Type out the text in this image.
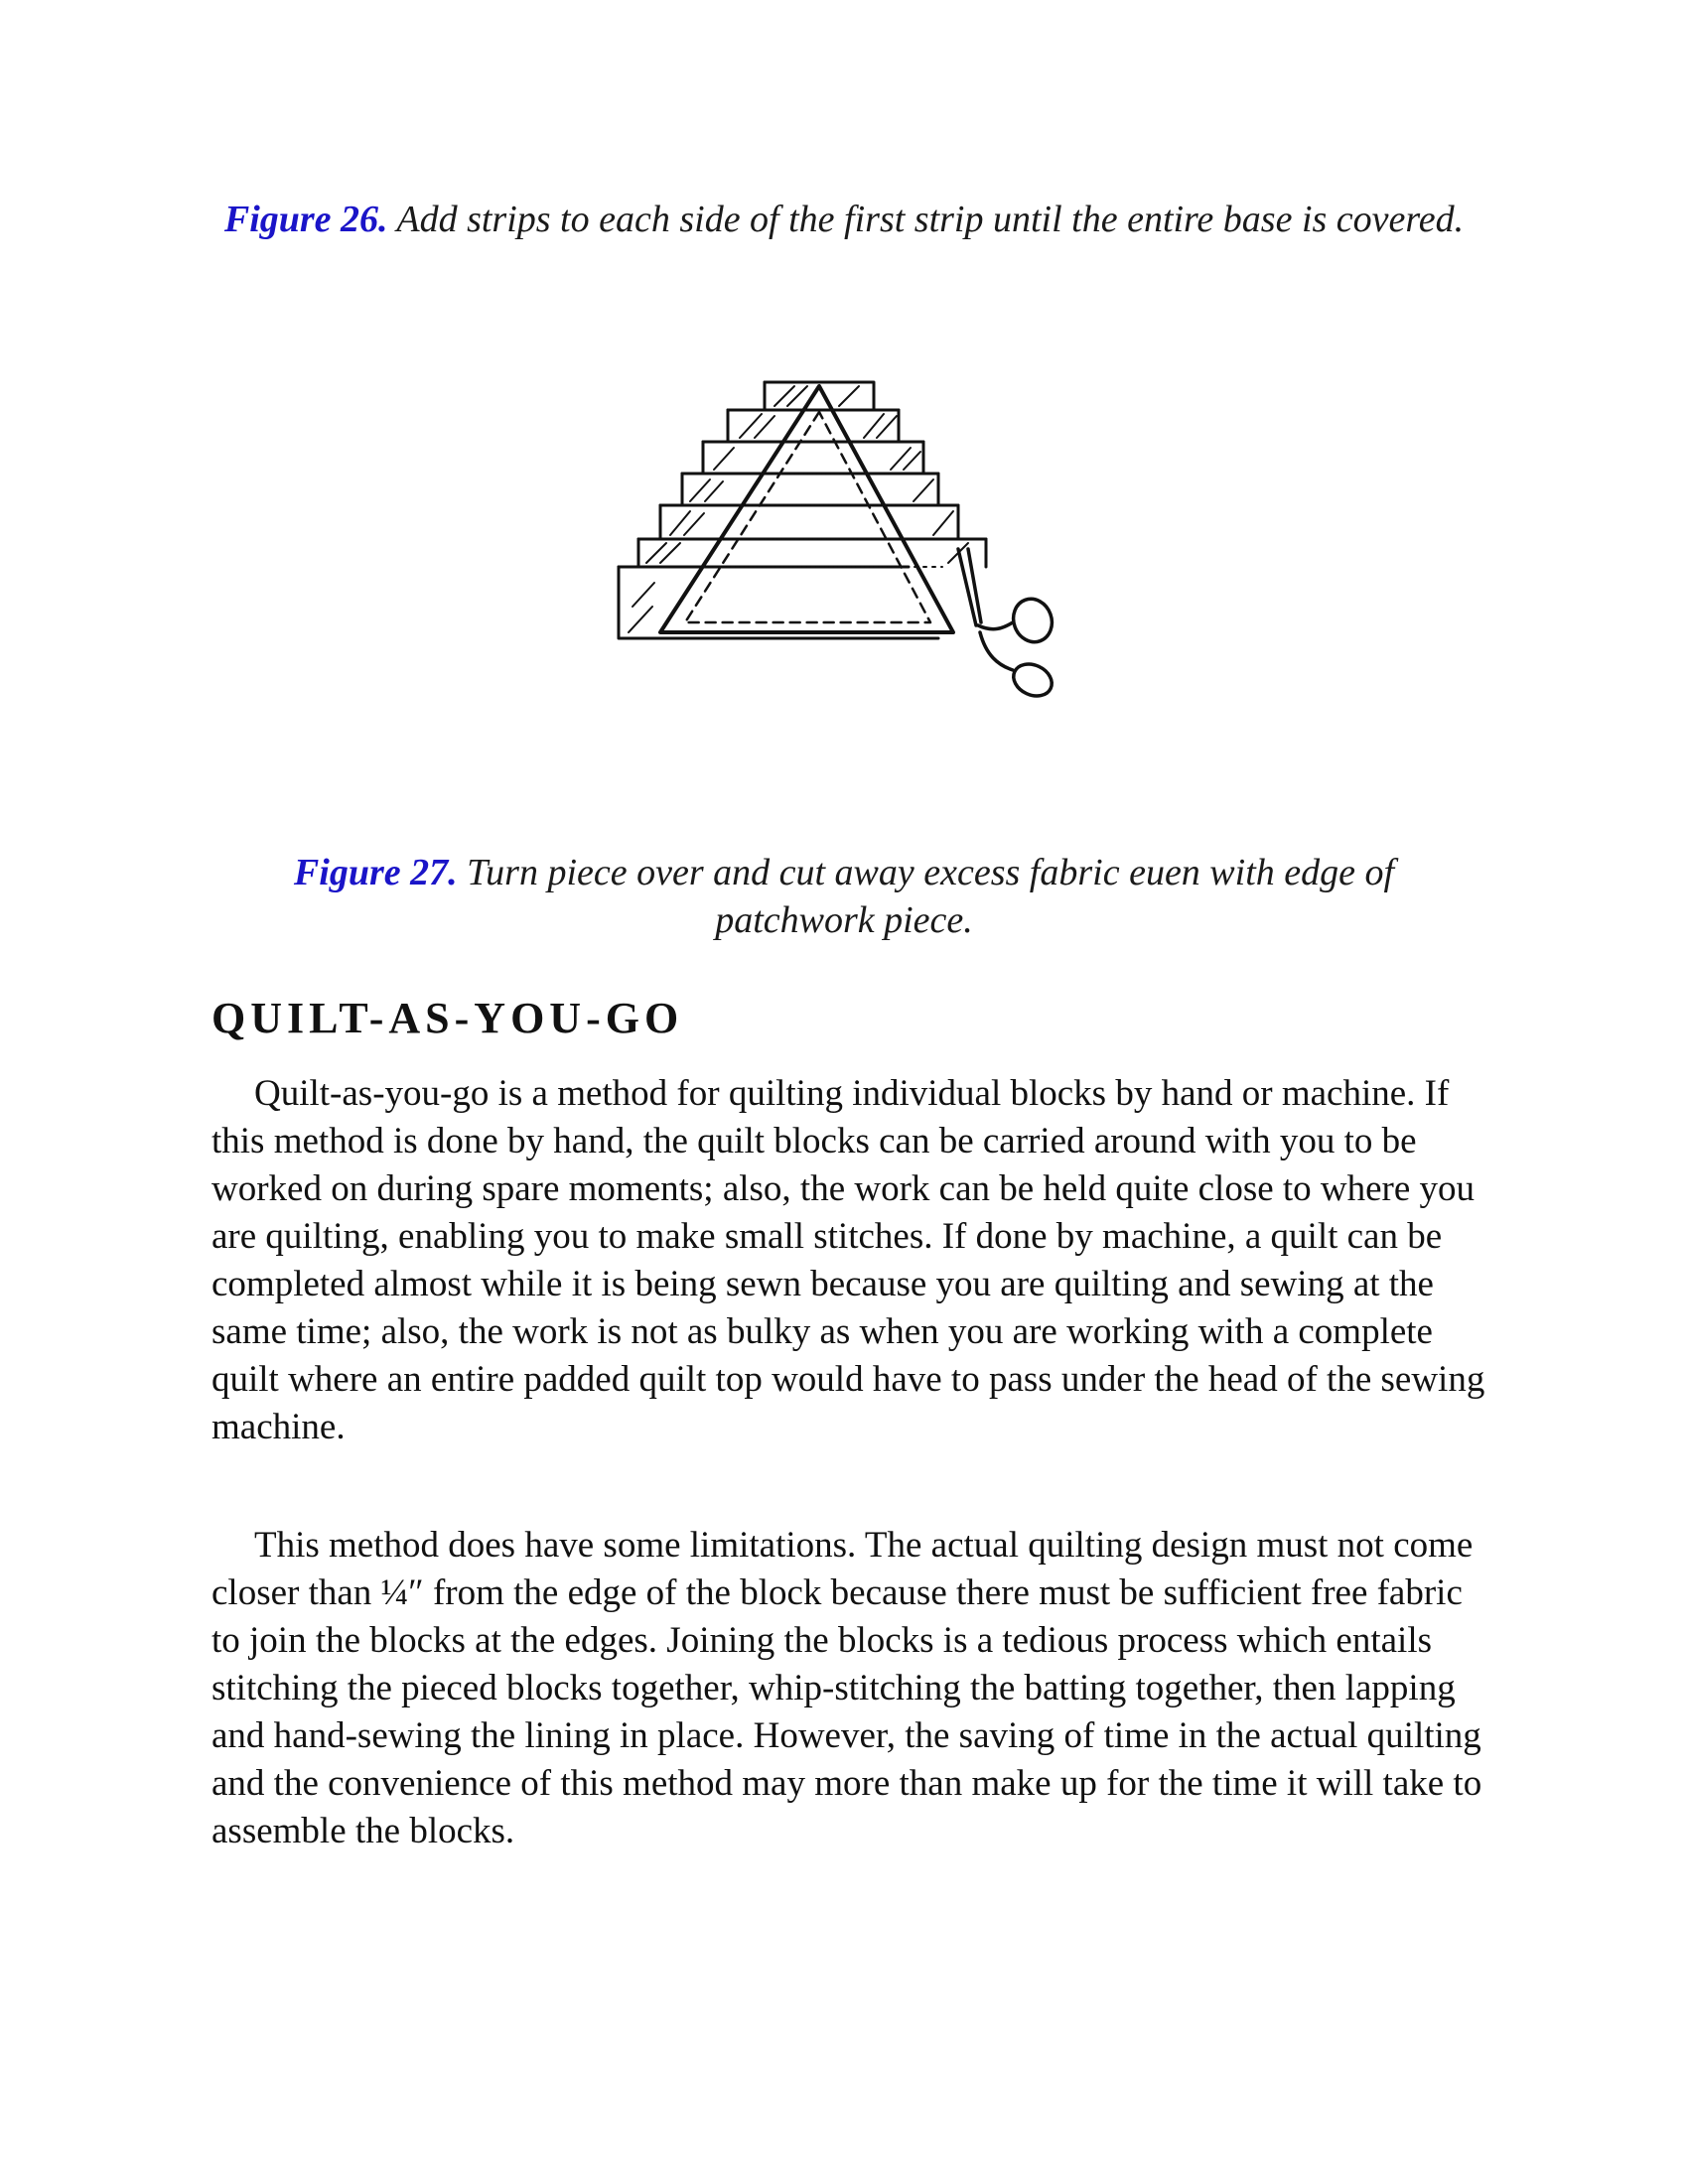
Figure 26. Add strips to each side of the first strip until the entire base is covered.
Figure 27. Turn piece over and cut away excess fabric euen with edge of patchwork piece.
QUILT-AS-YOU-GO

Quilt-as-you-go is a method for quilting individual blocks by hand or machine. If this method is done by hand, the quilt blocks can be carried around with you to be worked on during spare moments; also, the work can be held quite close to where you are quilting, enabling you to make small stitches. If done by machine, a quilt can be completed almost while it is being sewn because you are quilting and sewing at the same time; also, the work is not as bulky as when you are working with a complete quilt where an entire padded quilt top would have to pass under the head of the sewing machine.

This method does have some limitations. The actual quilting design must not come closer than ¼″ from the edge of the block because there must be sufficient free fabric to join the blocks at the edges. Joining the blocks is a tedious process which entails stitching the pieced blocks together, whip-stitching the batting together, then lapping and hand-sewing the lining in place. However, the saving of time in the actual quilting and the convenience of this method may more than make up for the time it will take to assemble the blocks.
